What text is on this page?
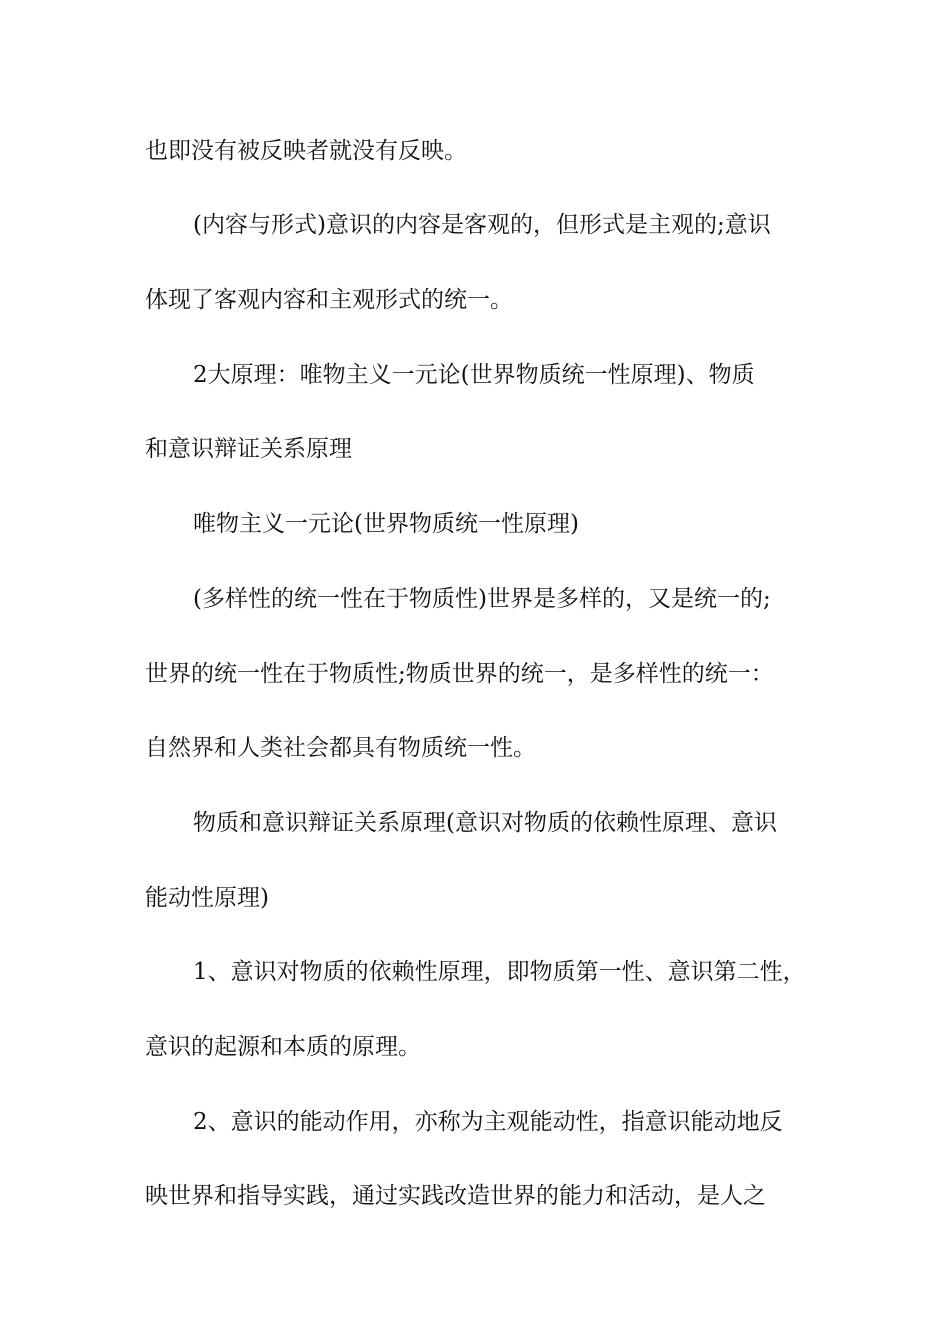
也即没有被反映者就没有反映。
(内容与形式)意识的内容是客观的，但形式是主观的;意识
体现了客观内容和主观形式的统一。
2大原理：唯物主义一元论(世界物质统一性原理)、物质
和意识辩证关系原理
唯物主义一元论(世界物质统一性原理)
(多样性的统一性在于物质性)世界是多样的，又是统一的;
世界的统一性在于物质性;物质世界的统一，是多样性的统一：
自然界和人类社会都具有物质统一性。
物质和意识辩证关系原理(意识对物质的依赖性原理、意识
能动性原理)
1、意识对物质的依赖性原理，即物质第一性、意识第二性，
意识的起源和本质的原理。
2、意识的能动作用，亦称为主观能动性，指意识能动地反
映世界和指导实践，通过实践改造世界的能力和活动，是人之
